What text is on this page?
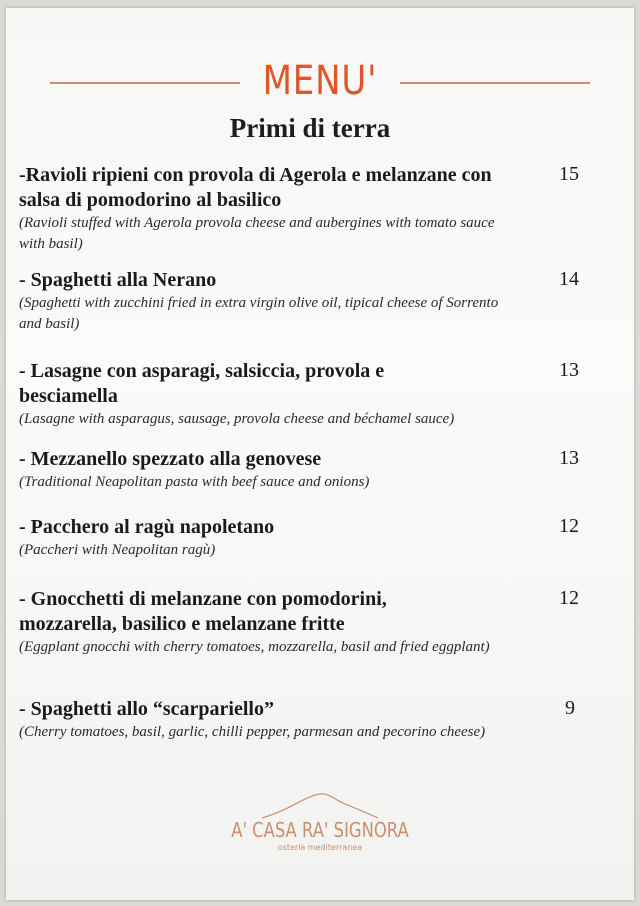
MENU'
Primi di terra
-Ravioli ripieni con provola di Agerola e melanzane con salsa di pomodorino al basilico
(Ravioli stuffed with Agerola provola cheese and aubergines with tomato sauce with basil)
15
- Spaghetti alla Nerano
(Spaghetti with zucchini fried in extra virgin olive oil, tipical cheese of Sorrento and basil)
14
- Lasagne con asparagi, salsiccia, provola e besciamella
(Lasagne with asparagus, sausage, provola cheese and béchamel sauce)
13
- Mezzanello spezzato alla genovese
(Traditional Neapolitan pasta with beef sauce and onions)
13
- Pacchero al ragù napoletano
(Paccheri with Neapolitan ragù)
12
- Gnocchetti di melanzane con pomodorini, mozzarella, basilico e melanzane fritte
(Eggplant gnocchi with cherry tomatoes, mozzarella, basil and fried eggplant)
12
- Spaghetti allo “scarpariello”
(Cherry tomatoes, basil, garlic, chilli pepper, parmesan and pecorino cheese)
9
A' CASA RA' SIGNORA
osteria mediterranea
